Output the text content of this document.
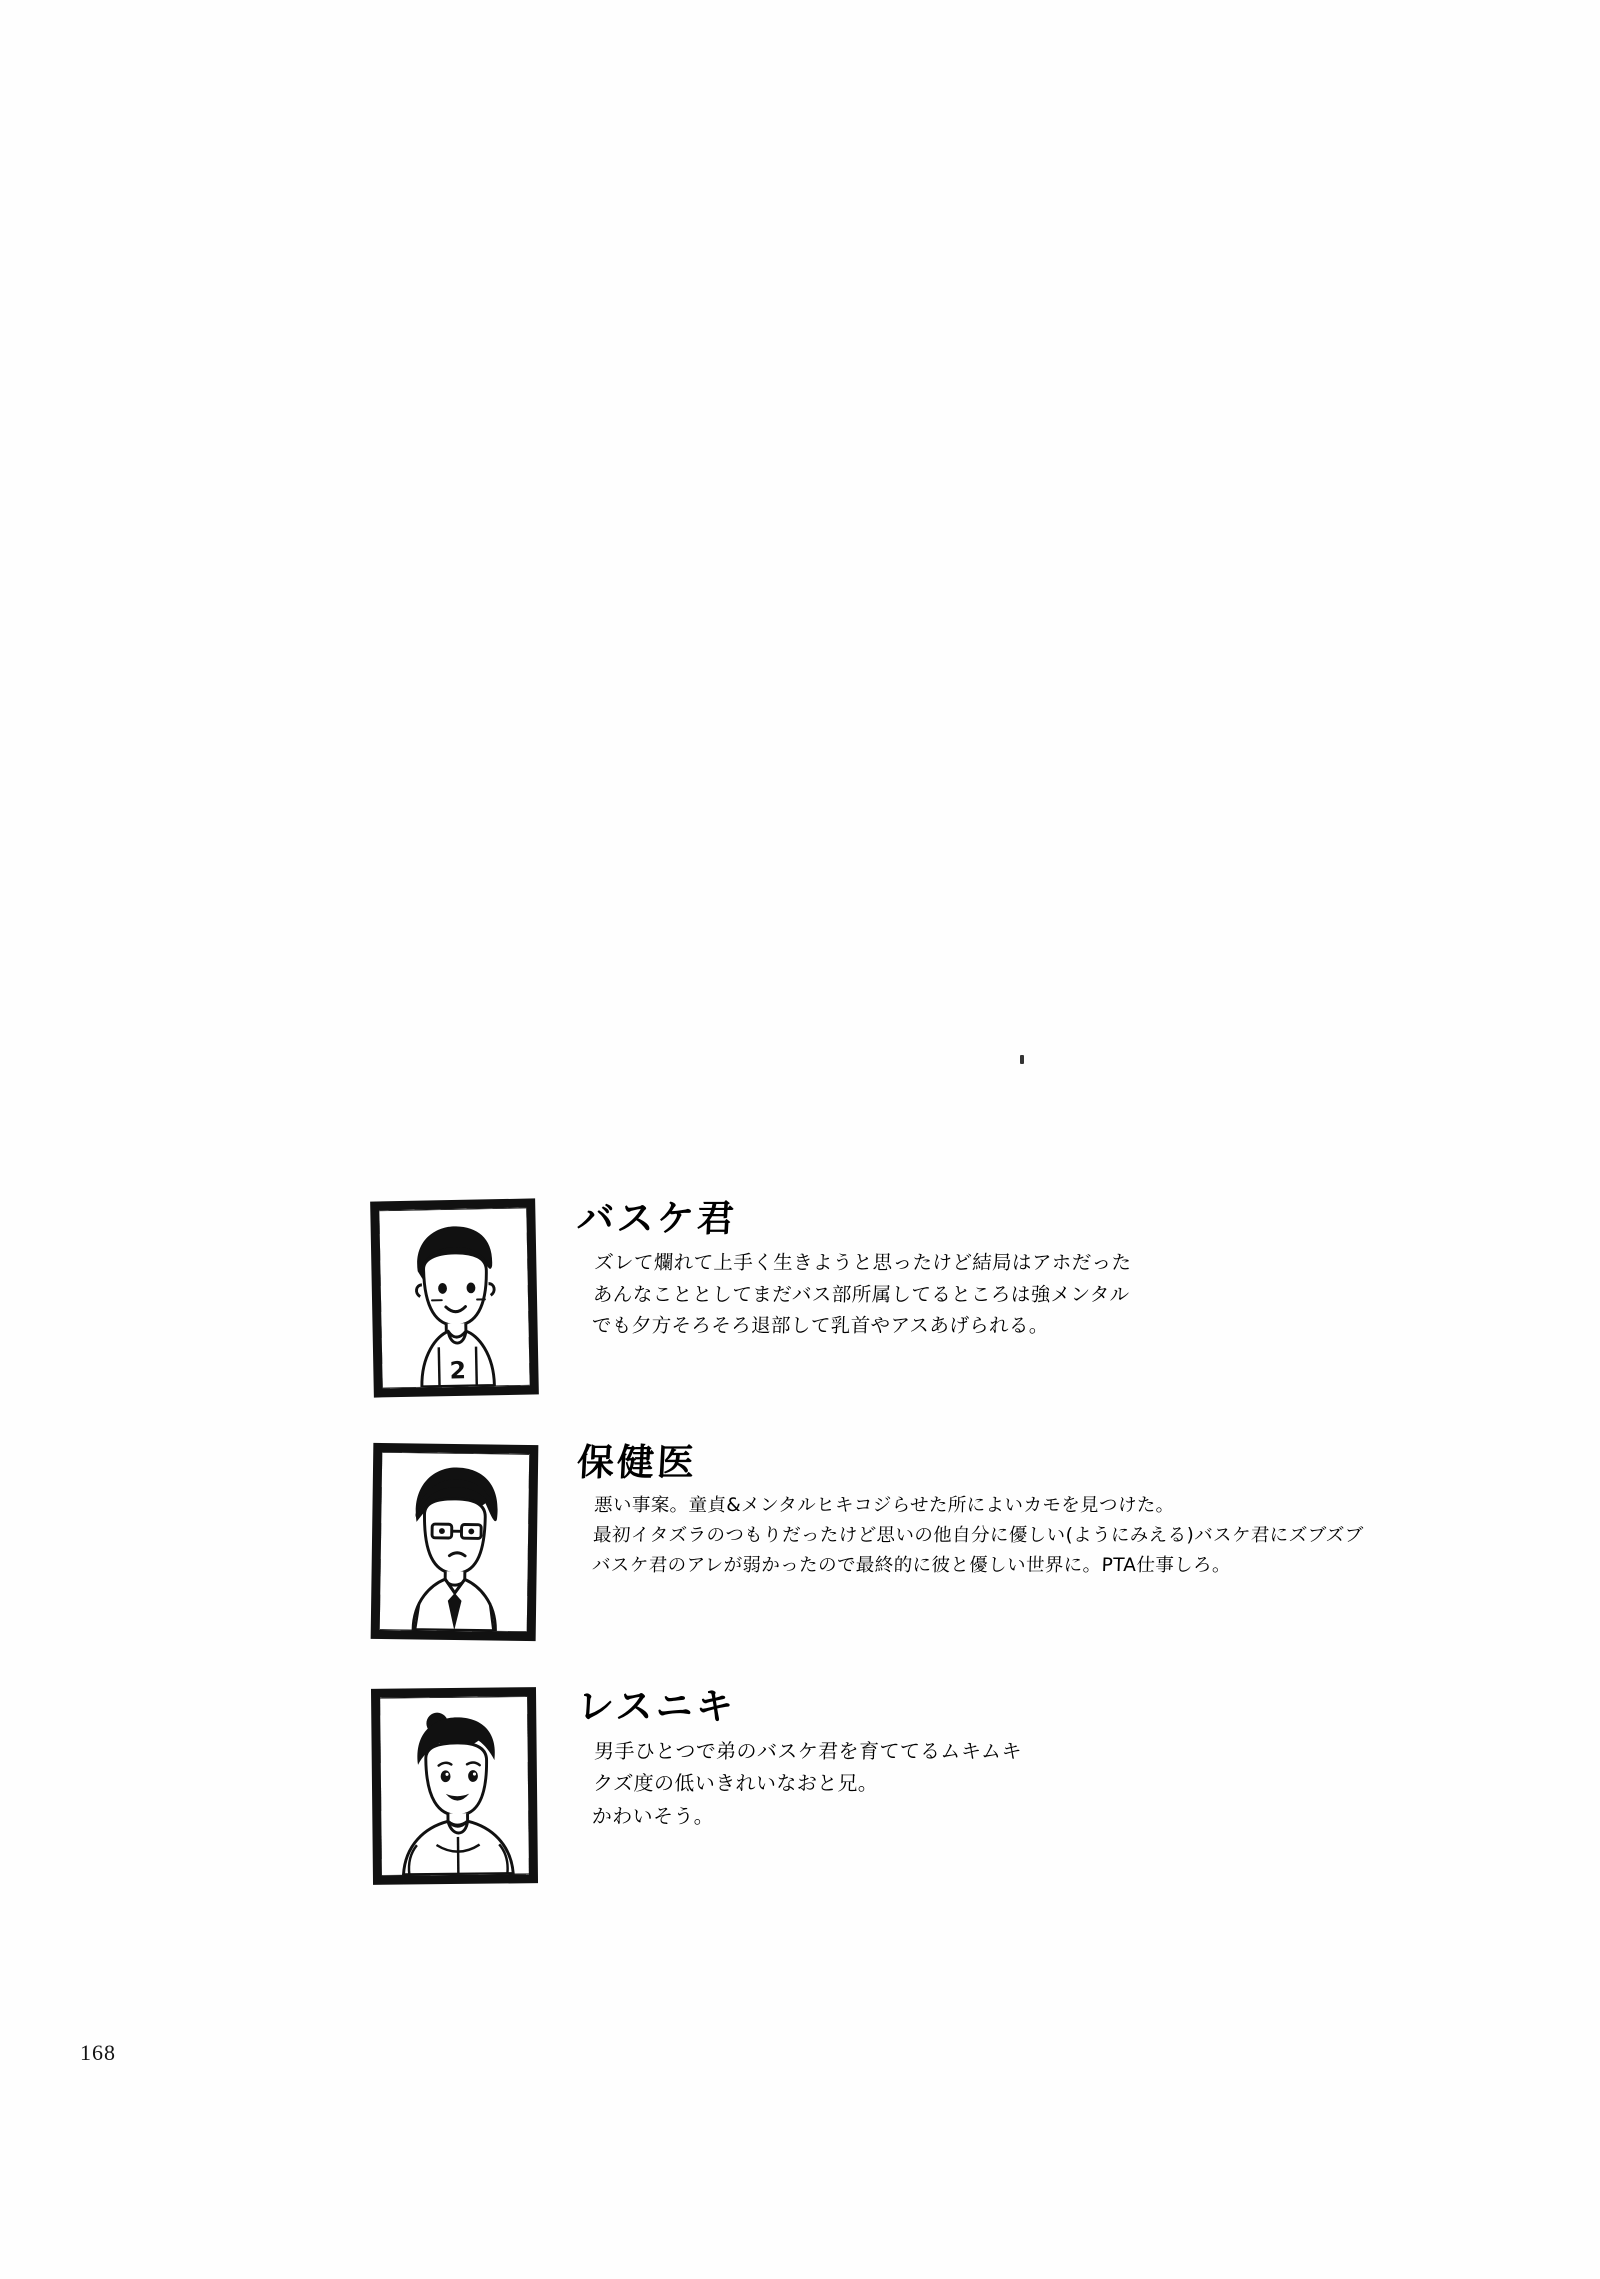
2
バスケ君

ズレて爛れて上手く生きようと思ったけど結局はアホだった
あんなこととしてまだバス部所属してるところは強メンタル
でも夕方そろそろ退部して乳首やアスあげられる。

保健医

悪い事案。童貞&メンタルヒキコジらせた所によいカモを見つけた。
最初イタズラのつもりだったけど思いの他自分に優しい(ようにみえる)バスケ君にズブズブ
バスケ君のアレが弱かったので最終的に彼と優しい世界に。PTA仕事しろ。

レスニキ

男手ひとつで弟のバスケ君を育ててるムキムキ
クズ度の低いきれいなおと兄。
かわいそう。

168
